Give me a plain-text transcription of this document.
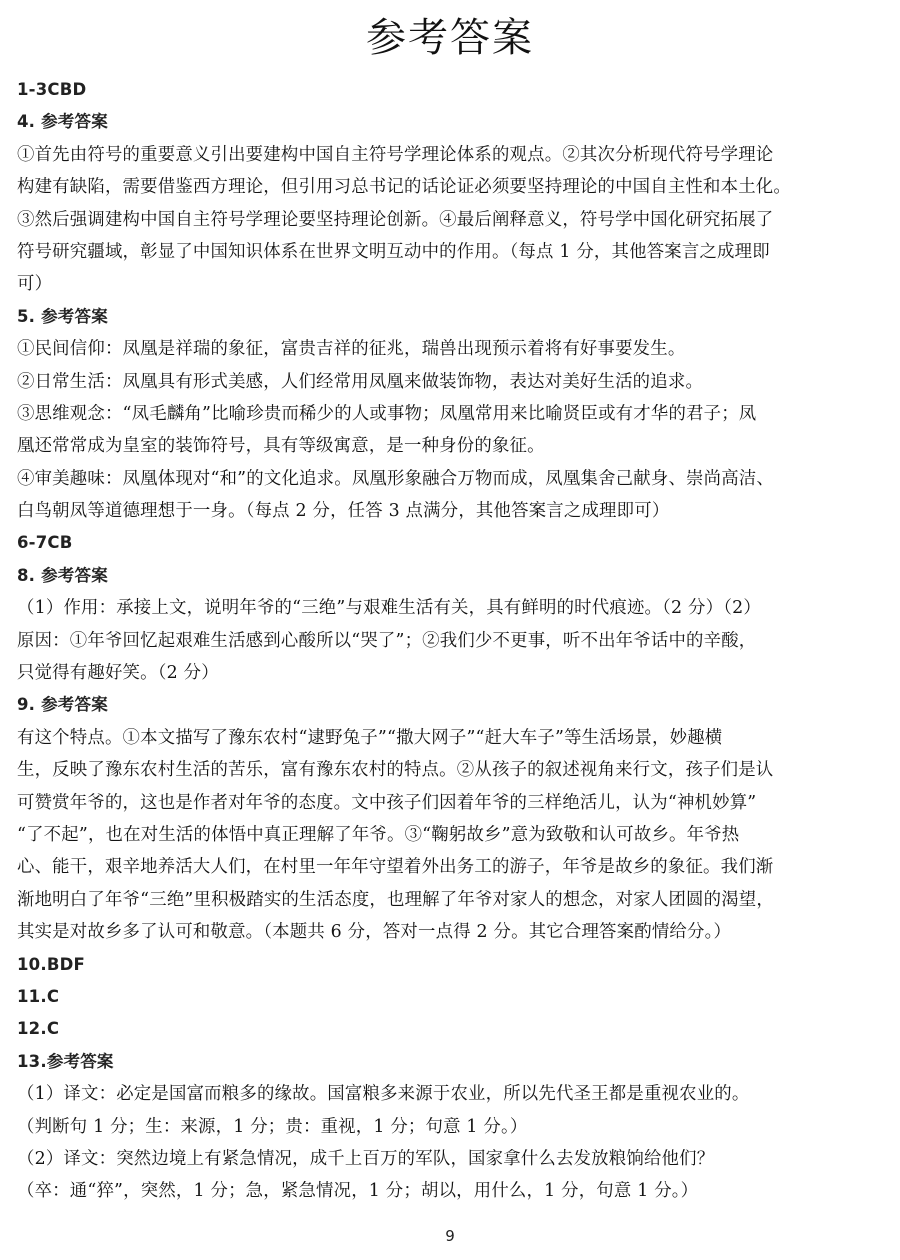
参考答案
1-3CBD
4. 参考答案
①首先由符号的重要意义引出要建构中国自主符号学理论体系的观点。②其次分析现代符号学理论
构建有缺陷，需要借鉴西方理论，但引用习总书记的话论证必须要坚持理论的中国自主性和本土化。
③然后强调建构中国自主符号学理论要坚持理论创新。④最后阐释意义，符号学中国化研究拓展了
符号研究疆域，彰显了中国知识体系在世界文明互动中的作用。（每点 1 分，其他答案言之成理即
可）
5. 参考答案
①民间信仰：凤凰是祥瑞的象征，富贵吉祥的征兆，瑞兽出现预示着将有好事要发生。
②日常生活：凤凰具有形式美感，人们经常用凤凰来做装饰物，表达对美好生活的追求。
③思维观念：“凤毛麟角”比喻珍贵而稀少的人或事物；凤凰常用来比喻贤臣或有才华的君子；凤
凰还常常成为皇室的装饰符号，具有等级寓意，是一种身份的象征。
④审美趣味：凤凰体现对“和”的文化追求。凤凰形象融合万物而成，凤凰集舍己献身、崇尚高洁、
白鸟朝凤等道德理想于一身。（每点 2 分，任答 3 点满分，其他答案言之成理即可）
6-7CB
8. 参考答案
（1）作用：承接上文，说明年爷的“三绝”与艰难生活有关，具有鲜明的时代痕迹。（2 分）（2）
原因：①年爷回忆起艰难生活感到心酸所以“哭了”；②我们少不更事，听不出年爷话中的辛酸，
只觉得有趣好笑。（2 分）
9. 参考答案
有这个特点。①本文描写了豫东农村“逮野兔子”“撒大网子”“赶大车子”等生活场景，妙趣横
生，反映了豫东农村生活的苦乐，富有豫东农村的特点。②从孩子的叙述视角来行文，孩子们是认
可赞赏年爷的，这也是作者对年爷的态度。文中孩子们因着年爷的三样绝活儿，认为“神机妙算”
“了不起”，也在对生活的体悟中真正理解了年爷。③“鞠躬故乡”意为致敬和认可故乡。年爷热
心、能干，艰辛地养活大人们，在村里一年年守望着外出务工的游子，年爷是故乡的象征。我们渐
渐地明白了年爷“三绝”里积极踏实的生活态度，也理解了年爷对家人的想念，对家人团圆的渴望，
其实是对故乡多了认可和敬意。（本题共 6 分，答对一点得 2 分。其它合理答案酌情给分。）
10.BDF
11.C
12.C
13.参考答案
（1）译文：必定是国富而粮多的缘故。国富粮多来源于农业，所以先代圣王都是重视农业的。
（判断句 1 分；生：来源，1 分；贵：重视，1 分；句意 1 分。）
（2）译文：突然边境上有紧急情况，成千上百万的军队，国家拿什么去发放粮饷给他们？
（卒：通“猝”，突然，1 分；急，紧急情况，1 分；胡以，用什么，1 分，句意 1 分。）
9
